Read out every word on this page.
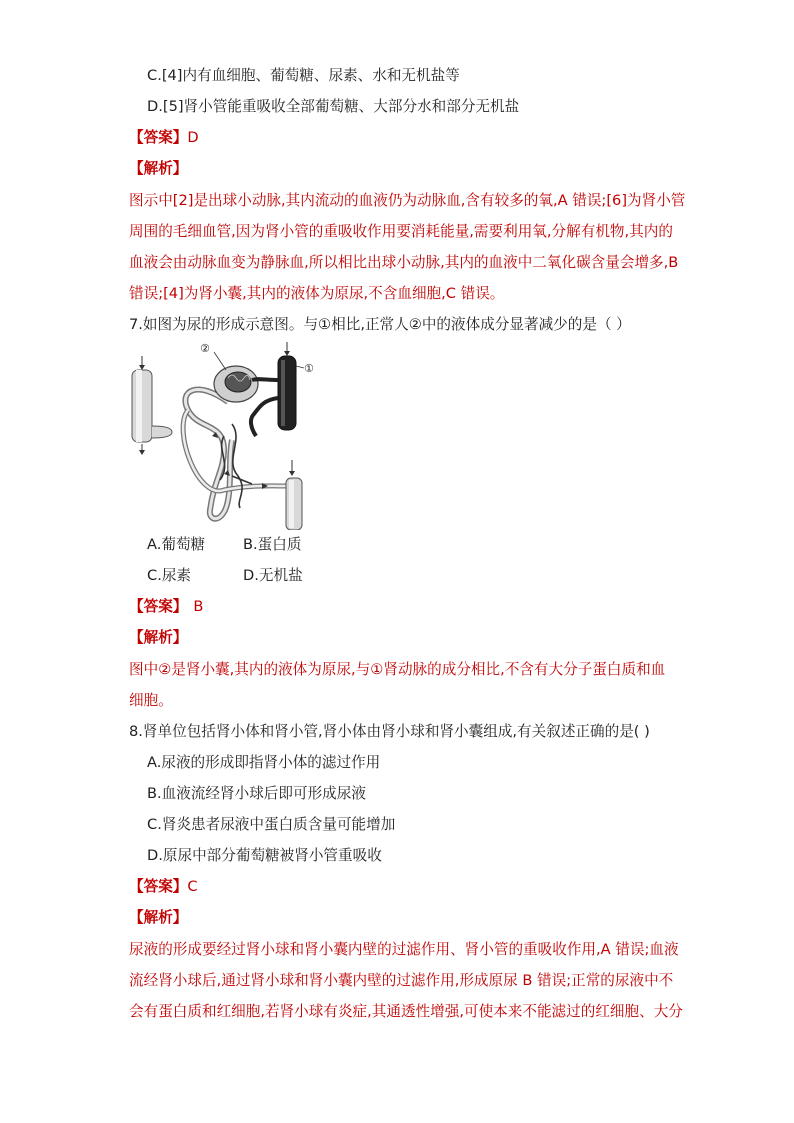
C.[4]内有血细胞、葡萄糖、尿素、水和无机盐等
D.[5]肾小管能重吸收全部葡萄糖、大部分水和部分无机盐
【答案】D
【解析】
图示中[2]是出球小动脉,其内流动的血液仍为动脉血,含有较多的氧,A 错误;[6]为肾小管
周围的毛细血管,因为肾小管的重吸收作用要消耗能量,需要利用氧,分解有机物,其内的
血液会由动脉血变为静脉血,所以相比出球小动脉,其内的血液中二氧化碳含量会增多,B
错误;[4]为肾小囊,其内的液体为原尿,不含血细胞,C 错误。
7.如图为尿的形成示意图。与①相比,正常人②中的液体成分显著减少的是（ ）
②
①
A.葡萄糖	B.蛋白质
C.尿素	D.无机盐
【答案】 B
【解析】
图中②是肾小囊,其内的液体为原尿,与①肾动脉的成分相比,不含有大分子蛋白质和血
细胞。
8.肾单位包括肾小体和肾小管,肾小体由肾小球和肾小囊组成,有关叙述正确的是( )
A.尿液的形成即指肾小体的滤过作用
B.血液流经肾小球后即可形成尿液
C.肾炎患者尿液中蛋白质含量可能增加
D.原尿中部分葡萄糖被肾小管重吸收
【答案】C
【解析】
尿液的形成要经过肾小球和肾小囊内壁的过滤作用、肾小管的重吸收作用,A 错误;血液
流经肾小球后,通过肾小球和肾小囊内壁的过滤作用,形成原尿 B 错误;正常的尿液中不
会有蛋白质和红细胞,若肾小球有炎症,其通透性增强,可使本来不能滤过的红细胞、大分
